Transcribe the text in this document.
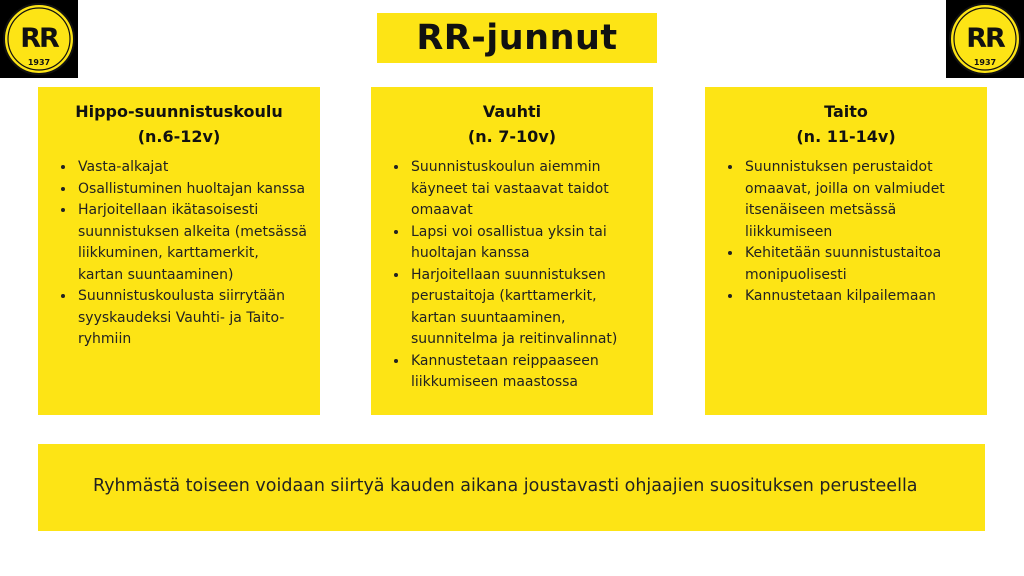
RR
1937
RR
1937
RR-junnut
Hippo-suunnistuskoulu
(n.6-12v)
• Vasta-alkajat
• Osallistuminen huoltajan kanssa
• Harjoitellaan ikätasoisesti suunnistuksen alkeita (metsässä liikkuminen, karttamerkit, kartan suuntaaminen)
• Suunnistuskoulusta siirrytään syyskaudeksi Vauhti- ja Taito-ryhmiin
Vauhti
(n. 7-10v)
• Suunnistuskoulun aiemmin käyneet tai vastaavat taidot omaavat
• Lapsi voi osallistua yksin tai huoltajan kanssa
• Harjoitellaan suunnistuksen perustaitoja (karttamerkit, kartan suuntaaminen, suunnitelma ja reitinvalinnat)
• Kannustetaan reippaaseen liikkumiseen maastossa
Taito
(n. 11-14v)
• Suunnistuksen perustaidot omaavat, joilla on valmiudet itsenäiseen metsässä liikkumiseen
• Kehitetään suunnistustaitoa monipuolisesti
• Kannustetaan kilpailemaan

Ryhmästä toiseen voidaan siirtyä kauden aikana joustavasti ohjaajien suosituksen perusteella
